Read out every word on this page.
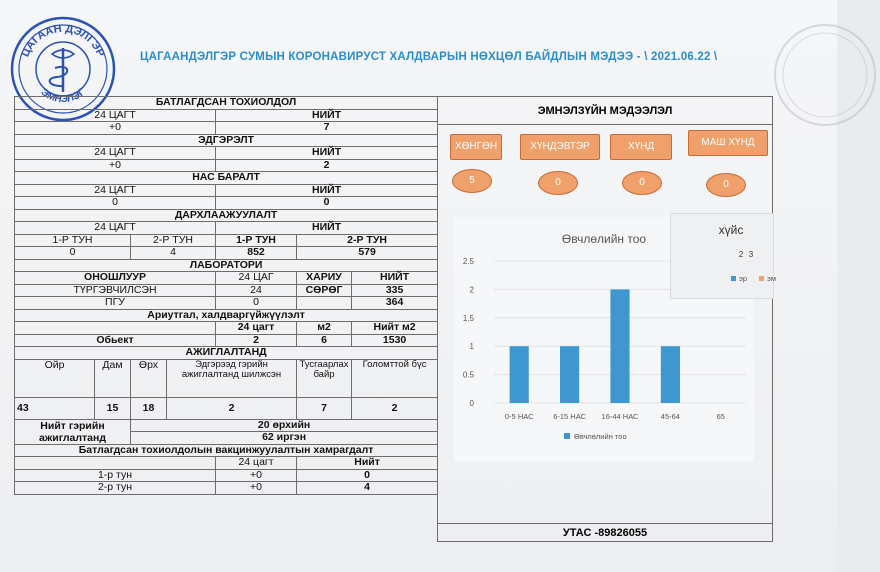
ЦАГААН ДЭЛГЭР
ЭМНЭЛЭГ
ЦАГААНДЭЛГЭР СУМЫН КОРОНАВИРУСТ ХАЛДВАРЫН НӨХЦӨЛ БАЙДЛЫН МЭДЭЭ - \ 2021.06.22 \
БАТЛАГДСАН ТОХИОЛДОЛ						
24 ЦАГТ				НИЙТ		
+0				7		
ЭДГЭРЭЛТ						
24 ЦАГТ				НИЙТ		
+0				2		
НАС БАРАЛТ						
24 ЦАГТ				НИЙТ		
0				0		
ДАРХЛААЖУУЛАЛТ						
24 ЦАГТ				НИЙТ		
1-Р ТУН		2-Р ТУН		1-Р ТУН	2-Р ТУН	
0		4		852	579	
ЛАБОРАТОРИ						
ОНОШЛУУР				24 ЦАГ	ХАРИУ	НИЙТ
ТҮРГЭВЧИЛСЭН				24	СӨРӨГ	335
ПГУ				0		364
Ариутгал, халдваргүйжүүлэлт						
				24 цагт	м2	Нийт м2
Обьект				2	6	1530
АЖИГЛАЛТАНД						
Ойр	Дам	Өрх	Эдгэрээд гэрийн ажиглалтанд шилжсэн		Тусгаарлах байр	Голомттой бүс
43	15	18	2		7	2
Нийт гэрийн ажиглалтанд		20 өрхийн				
		62 иргэн				
Батлагдсан тохиолдолын вакцинжуулалтын хамрагдалт						
				24 цагт	Нийт	
1-р тун				+0	0	
2-р тун				+0	4	
ЭМНЭЛЗҮЙН МЭДЭЭЛЭЛ
ХӨНГӨН	ХҮНДЭВТЭР	ХҮНД	МАШ ХҮНД
5	0	0	0
Өвчлөлийн тоо
0
0.5
1
1.5
2
2.5
0-5 НАС	6-15 НАС 16-44 НАС	45-64	65
Өвчлөлийн тоо
хүйс
2 3
эр	эм
УТАС -89826055
